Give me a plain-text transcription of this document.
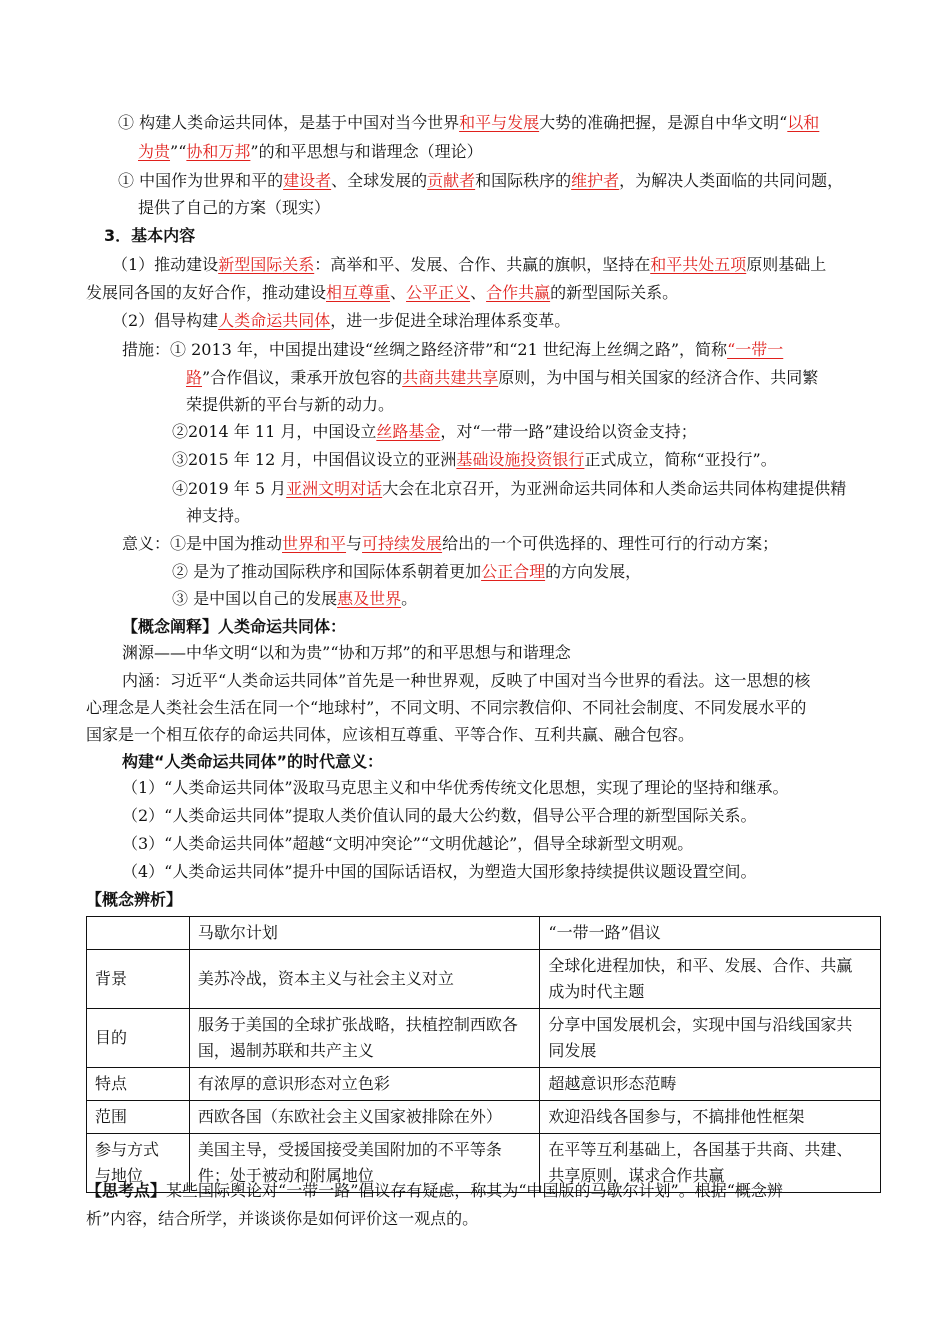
① 构建人类命运共同体，是基于中国对当今世界和平与发展大势的准确把握，是源自中华文明“以和
为贵”“协和万邦”的和平思想与和谐理念（理论）
① 中国作为世界和平的建设者、全球发展的贡献者和国际秩序的维护者，为解决人类面临的共同问题，
提供了自己的方案（现实）
3．基本内容
（1）推动建设新型国际关系：高举和平、发展、合作、共赢的旗帜，坚持在和平共处五项原则基础上
发展同各国的友好合作，推动建设相互尊重、公平正义、合作共赢的新型国际关系。
（2）倡导构建人类命运共同体，进一步促进全球治理体系变革。
措施：① 2013 年，中国提出建设“丝绸之路经济带”和“21 世纪海上丝绸之路”，简称“一带一
路”合作倡议，秉承开放包容的共商共建共享原则，为中国与相关国家的经济合作、共同繁
荣提供新的平台与新的动力。
②2014 年 11 月，中国设立丝路基金，对“一带一路”建设给以资金支持；
③2015 年 12 月，中国倡议设立的亚洲基础设施投资银行正式成立，简称“亚投行”。
④2019 年 5 月亚洲文明对话大会在北京召开，为亚洲命运共同体和人类命运共同体构建提供精
神支持。
意义：①是中国为推动世界和平与可持续发展给出的一个可供选择的、理性可行的行动方案；
② 是为了推动国际秩序和国际体系朝着更加公正合理的方向发展，
③ 是中国以自己的发展惠及世界。
【概念阐释】人类命运共同体：
渊源——中华文明“以和为贵”“协和万邦”的和平思想与和谐理念
内涵：习近平“人类命运共同体”首先是一种世界观，反映了中国对当今世界的看法。这一思想的核
心理念是人类社会生活在同一个“地球村”，不同文明、不同宗教信仰、不同社会制度、不同发展水平的
国家是一个相互依存的命运共同体，应该相互尊重、平等合作、互利共赢、融合包容。
构建“人类命运共同体”的时代意义：
（1）“人类命运共同体”汲取马克思主义和中华优秀传统文化思想，实现了理论的坚持和继承。
（2）“人类命运共同体”提取人类价值认同的最大公约数，倡导公平合理的新型国际关系。
（3）“人类命运共同体”超越“文明冲突论”“文明优越论”，倡导全球新型文明观。
（4）“人类命运共同体”提升中国的国际话语权，为塑造大国形象持续提供议题设置空间。
【概念辨析】
	马歇尔计划	“一带一路”倡议
背景	美苏冷战，资本主义与社会主义对立	全球化进程加快，和平、发展、合作、共赢
成为时代主题
目的	服务于美国的全球扩张战略，扶植控制西欧各
国，遏制苏联和共产主义	分享中国发展机会，实现中国与沿线国家共
同发展
特点	有浓厚的意识形态对立色彩	超越意识形态范畴
范围	西欧各国（东欧社会主义国家被排除在外）	欢迎沿线各国参与，不搞排他性框架
参与方式
与地位	美国主导，受援国接受美国附加的不平等条
件；处于被动和附属地位	在平等互利基础上，各国基于共商、共建、
共享原则，谋求合作共赢
【思考点】某些国际舆论对“一带一路”倡议存有疑虑，称其为“中国版的马歇尔计划”。根据“概念辨
析”内容，结合所学，并谈谈你是如何评价这一观点的。
